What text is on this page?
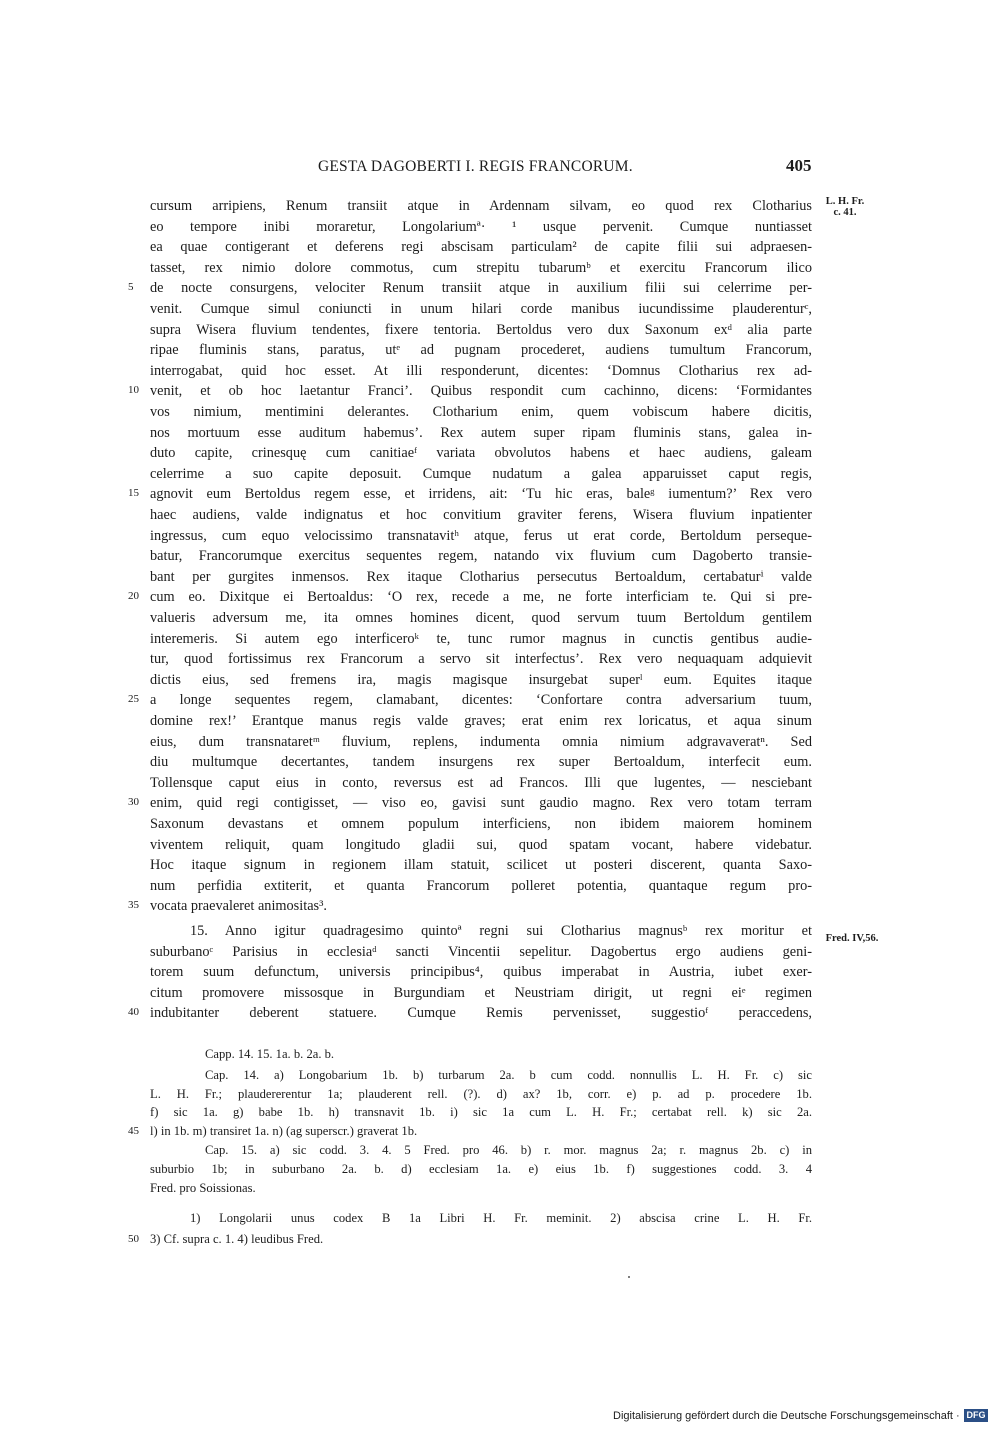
GESTA DAGOBERTI I. REGIS FRANCORUM.	405
L. H. Fr. c. 41.
Fred. IV,56.
cursum arripiens, Renum transiit atque in Ardennam silvam, eo quod rex Clotharius
eo tempore inibi moraretur, Longolariumª· ¹ usque pervenit. Cumque nuntiasset
ea quae contigerant et deferens regi abscisam particulam² de capite filii sui adpraesen-
tasset, rex nimio dolore commotus, cum strepitu tubarumᵇ et exercitu Francorum ilico
de nocte consurgens, velociter Renum transiit atque in auxilium filii sui celerrime per-
5
venit. Cumque simul coniuncti in unum hilari corde manibus iucundissime plauderenturᶜ,
supra Wisera fluvium tendentes, fixere tentoria. Bertoldus vero dux Saxonum exᵈ alia parte
ripae fluminis stans, paratus, utᵉ ad pugnam procederet, audiens tumultum Francorum,
interrogabat, quid hoc esset. At illi responderunt, dicentes: ‘Domnus Clotharius rex ad-
venit, et ob hoc laetantur Franci’. Quibus respondit cum cachinno, dicens: ‘Formidantes
10
vos nimium, mentimini delerantes. Clotharium enim, quem vobiscum habere dicitis,
nos mortuum esse auditum habemus’. Rex autem super ripam fluminis stans, galea in-
duto capite, crinesquę cum canitiaeᶠ variata obvolutos habens et haec audiens, galeam
celerrime a suo capite deposuit. Cumque nudatum a galea apparuisset caput regis,
agnovit eum Bertoldus regem esse, et irridens, ait: ‘Tu hic eras, baleᵍ iumentum?’ Rex vero
15
haec audiens, valde indignatus et hoc convitium graviter ferens, Wisera fluvium inpatienter
ingressus, cum equo velocissimo transnatavitʰ atque, ferus ut erat corde, Bertoldum perseque-
batur, Francorumque exercitus sequentes regem, natando vix fluvium cum Dagoberto transie-
bant per gurgites inmensos. Rex itaque Clotharius persecutus Bertoaldum, certabaturⁱ valde
cum eo. Dixitque ei Bertoaldus: ‘O rex, recede a me, ne forte interficiam te. Qui si pre-
20
valueris adversum me, ita omnes homines dicent, quod servum tuum Bertoldum gentilem
interemeris. Si autem ego interficeroᵏ te, tunc rumor magnus in cunctis gentibus audie-
tur, quod fortissimus rex Francorum a servo sit interfectus’. Rex vero nequaquam adquievit
dictis eius, sed fremens ira, magis magisque insurgebat superˡ eum. Equites itaque
a longe sequentes regem, clamabant, dicentes: ‘Confortare contra adversarium tuum,
25
domine rex!’ Erantque manus regis valde graves; erat enim rex loricatus, et aqua sinum
eius, dum transnataretᵐ fluvium, replens, indumenta omnia nimium adgravaveratⁿ. Sed
diu multumque decertantes, tandem insurgens rex super Bertoaldum, interfecit eum.
Tollensque caput eius in conto, reversus est ad Francos. Illi que lugentes, — nesciebant
enim, quid regi contigisset, — viso eo, gavisi sunt gaudio magno. Rex vero totam terram
30
Saxonum devastans et omnem populum interficiens, non ibidem maiorem hominem
viventem reliquit, quam longitudo gladii sui, quod spatam vocant, habere videbatur.
Hoc itaque signum in regionem illam statuit, scilicet ut posteri discerent, quanta Saxo-
num perfidia extiterit, et quanta Francorum polleret potentia, quantaque regum pro-
vocata praevaleret animositas³.
35
15. Anno igitur quadragesimo quintoª regni sui Clotharius magnusᵇ rex moritur et
suburbanoᶜ Parisius in ecclesiaᵈ sancti Vincentii sepelitur. Dagobertus ergo audiens geni-
torem suum defunctum, universis principibus⁴, quibus imperabat in Austria, iubet exer-
citum promovere missosque in Burgundiam et Neustriam dirigit, ut regni eiᵉ regimen
indubitanter deberent statuere. Cumque Remis pervenisset, suggestioᶠ peraccedens,
40
Capp. 14. 15. 1a. b. 2a. b.
Cap. 14. a) Longobarium 1b. b) turbarum 2a. b cum codd. nonnullis L. H. Fr. c) sic
L. H. Fr.; plaudererentur 1a; plauderent rell. (?). d) ax? 1b, corr. e) p. ad p. procedere 1b.
f) sic 1a. g) babe 1b. h) transnavit 1b. i) sic 1a cum L. H. Fr.; certabat rell. k) sic 2a.
l) in 1b. m) transiret 1a. n) (ag superscr.) graverat 1b.
45
Cap. 15. a) sic codd. 3. 4. 5 Fred. pro 46. b) r. mor. magnus 2a; r. magnus 2b. c) in
suburbio 1b; in suburbano 2a. b. d) ecclesiam 1a. e) eius 1b. f) suggestiones codd. 3. 4
Fred. pro Soissionas.
1) Longolarii unus codex B 1a Libri H. Fr. meminit. 2) abscisa crine L. H. Fr.
3) Cf. supra c. 1. 4) leudibus Fred.
50
Digitalisierung gefördert durch die Deutsche Forschungsgemeinschaft · DFG
